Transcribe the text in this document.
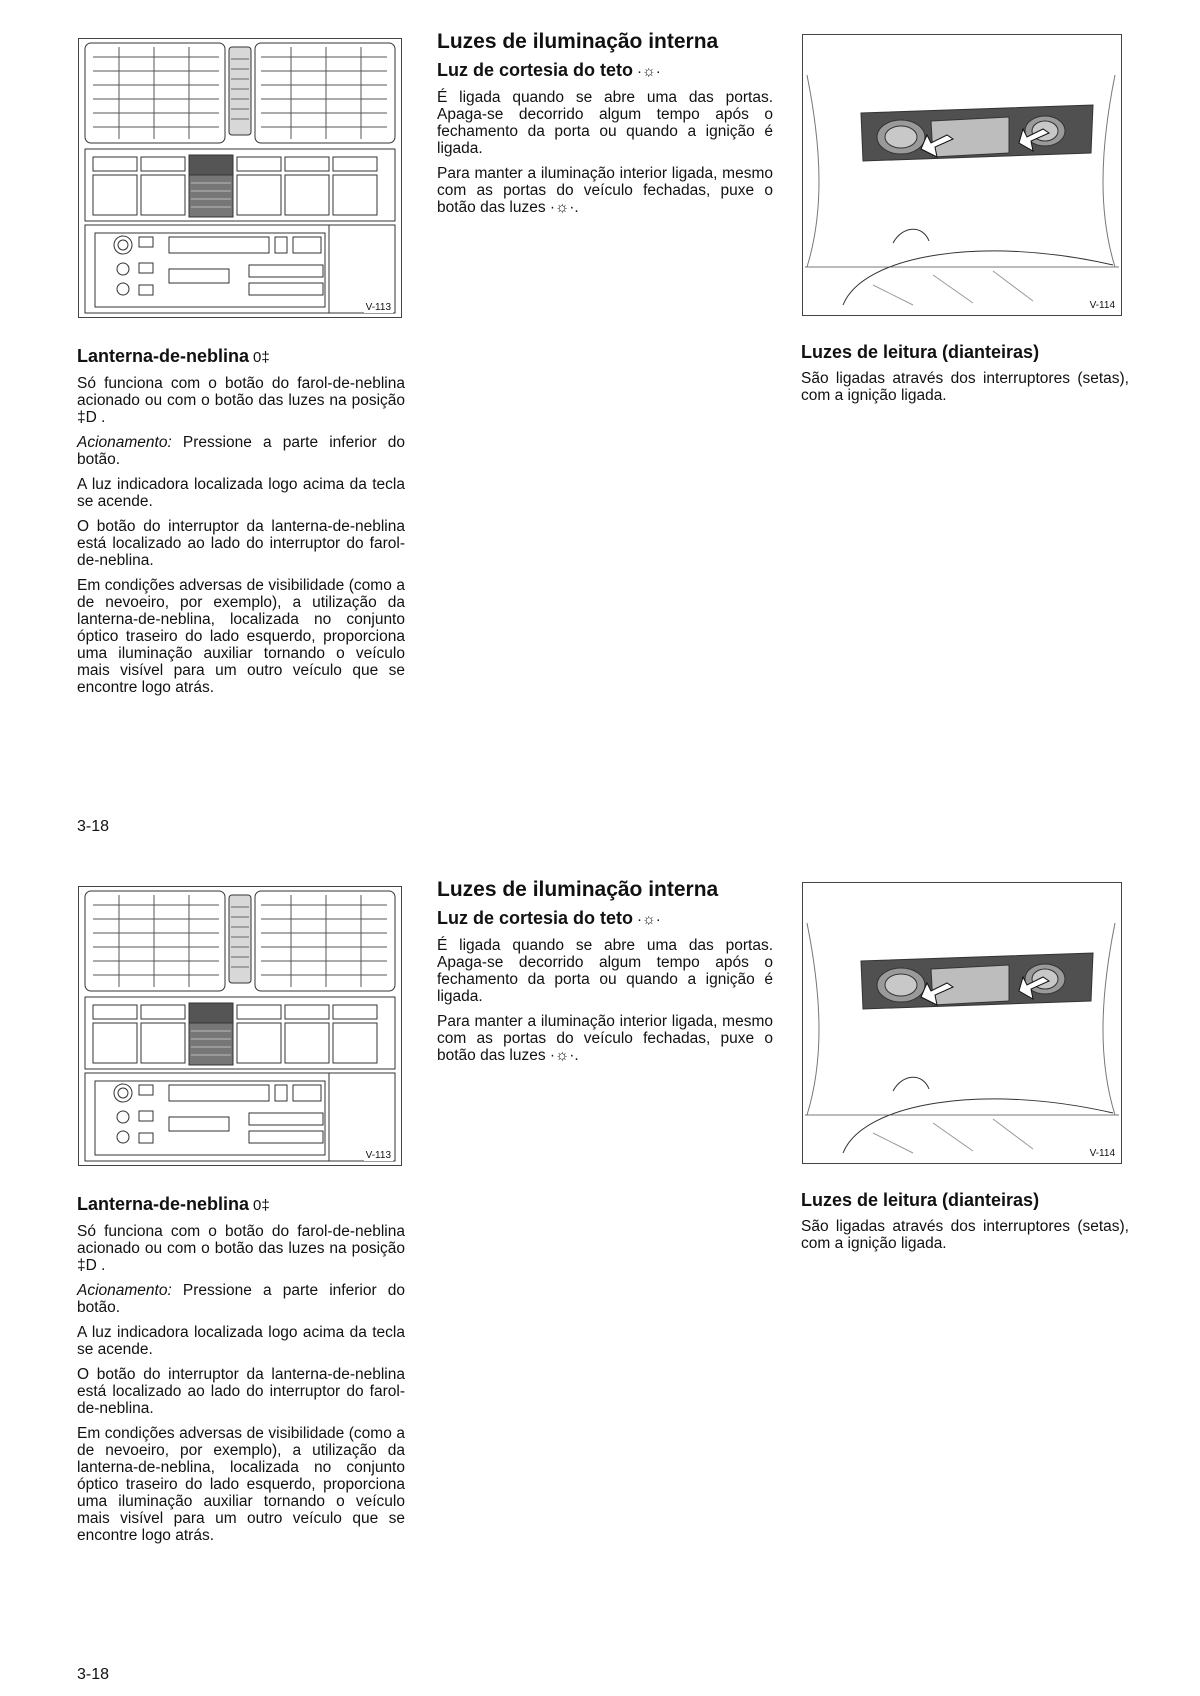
V-113
Luzes de iluminação interna
Luz de cortesia do teto ·☼·

É ligada quando se abre uma das portas. Apaga-se decorrido algum tempo após o fechamento da porta ou quando a ignição é ligada.

Para manter a iluminação interior ligada, mesmo com as portas do veículo fechadas, puxe o botão das luzes ·☼·.

V-114
Lanterna-de-neblina 0‡

Só funciona com o botão do farol-de-neblina acionado ou com o botão das luzes na posição ‡D .

Acionamento: Pressione a parte inferior do botão.

A luz indicadora localizada logo acima da tecla se acende.

O botão do interruptor da lanterna-de-neblina está localizado ao lado do interruptor do farol-de-neblina.

Em condições adversas de visibilidade (como a de nevoeiro, por exemplo), a utilização da lanterna-de-neblina, localizada no conjunto óptico traseiro do lado esquerdo, proporciona uma iluminação auxiliar tornando o veículo mais visível para um outro veículo que se encontre logo atrás.

Luzes de leitura (dianteiras)

São ligadas através dos interruptores (setas), com a ignição ligada.

3-18
V-113
Luzes de iluminação interna
Luz de cortesia do teto ·☼·

É ligada quando se abre uma das portas. Apaga-se decorrido algum tempo após o fechamento da porta ou quando a ignição é ligada.

Para manter a iluminação interior ligada, mesmo com as portas do veículo fechadas, puxe o botão das luzes ·☼·.

V-114
Lanterna-de-neblina 0‡

Só funciona com o botão do farol-de-neblina acionado ou com o botão das luzes na posição ‡D .

Acionamento: Pressione a parte inferior do botão.

A luz indicadora localizada logo acima da tecla se acende.

O botão do interruptor da lanterna-de-neblina está localizado ao lado do interruptor do farol-de-neblina.

Em condições adversas de visibilidade (como a de nevoeiro, por exemplo), a utilização da lanterna-de-neblina, localizada no conjunto óptico traseiro do lado esquerdo, proporciona uma iluminação auxiliar tornando o veículo mais visível para um outro veículo que se encontre logo atrás.

Luzes de leitura (dianteiras)

São ligadas através dos interruptores (setas), com a ignição ligada.

3-18
